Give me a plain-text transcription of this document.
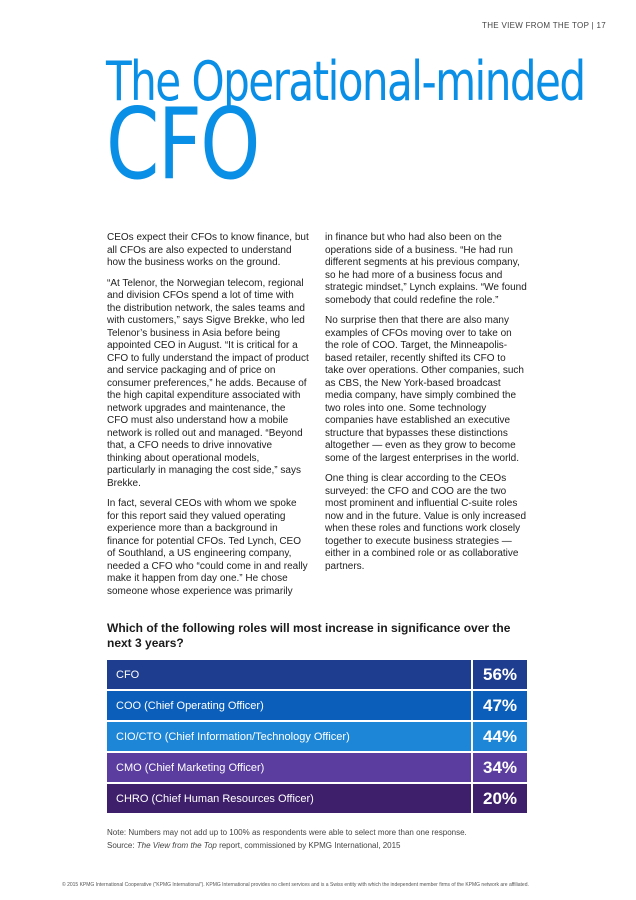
THE VIEW FROM THE TOP | 17
The Operational-minded
CFO

CEOs expect their CFOs to know finance, but all CFOs are also expected to understand how the business works on the ground.

“At Telenor, the Norwegian telecom, regional and division CFOs spend a lot of time with the distribution network, the sales teams and with customers,” says Sigve Brekke, who led Telenor’s business in Asia before being appointed CEO in August. “It is critical for a CFO to fully understand the impact of product and service packaging and of price on consumer preferences,” he adds. Because of the high capital expenditure associated with network upgrades and maintenance, the CFO must also understand how a mobile network is rolled out and managed. “Beyond that, a CFO needs to drive innovative thinking about operational models, particularly in managing the cost side,” says Brekke.

In fact, several CEOs with whom we spoke for this report said they valued operating experience more than a background in finance for potential CFOs. Ted Lynch, CEO of Southland, a US engineering company, needed a CFO who “could come in and really make it happen from day one.” He chose someone whose experience was primarily

in finance but who had also been on the operations side of a business. “He had run different segments at his previous company, so he had more of a business focus and strategic mindset,” Lynch explains. “We found somebody that could redefine the role.”

No surprise then that there are also many examples of CFOs moving over to take on the role of COO. Target, the Minneapolis-based retailer, recently shifted its CFO to take over operations. Other companies, such as CBS, the New York-based broadcast media company, have simply combined the two roles into one. Some technology companies have established an executive structure that bypasses these distinctions altogether — even as they grow to become some of the largest enterprises in the world.

One thing is clear according to the CEOs surveyed: the CFO and COO are the two most prominent and influential C-suite roles now and in the future. Value is only increased when these roles and functions work closely together to execute business strategies — either in a combined role or as collaborative partners.

Which of the following roles will most increase in significance over the next 3 years?
CFO	56%
COO (Chief Operating Officer)	47%
CIO/CTO (Chief Information/Technology Officer)	44%
CMO (Chief Marketing Officer)	34%
CHRO (Chief Human Resources Officer)	20%
Note: Numbers may not add up to 100% as respondents were able to select more than one response.
Source: The View from the Top report, commissioned by KPMG International, 2015
© 2015 KPMG International Cooperative (“KPMG International”). KPMG International provides no client services and is a Swiss entity with which the independent member firms of the KPMG network are affiliated.
